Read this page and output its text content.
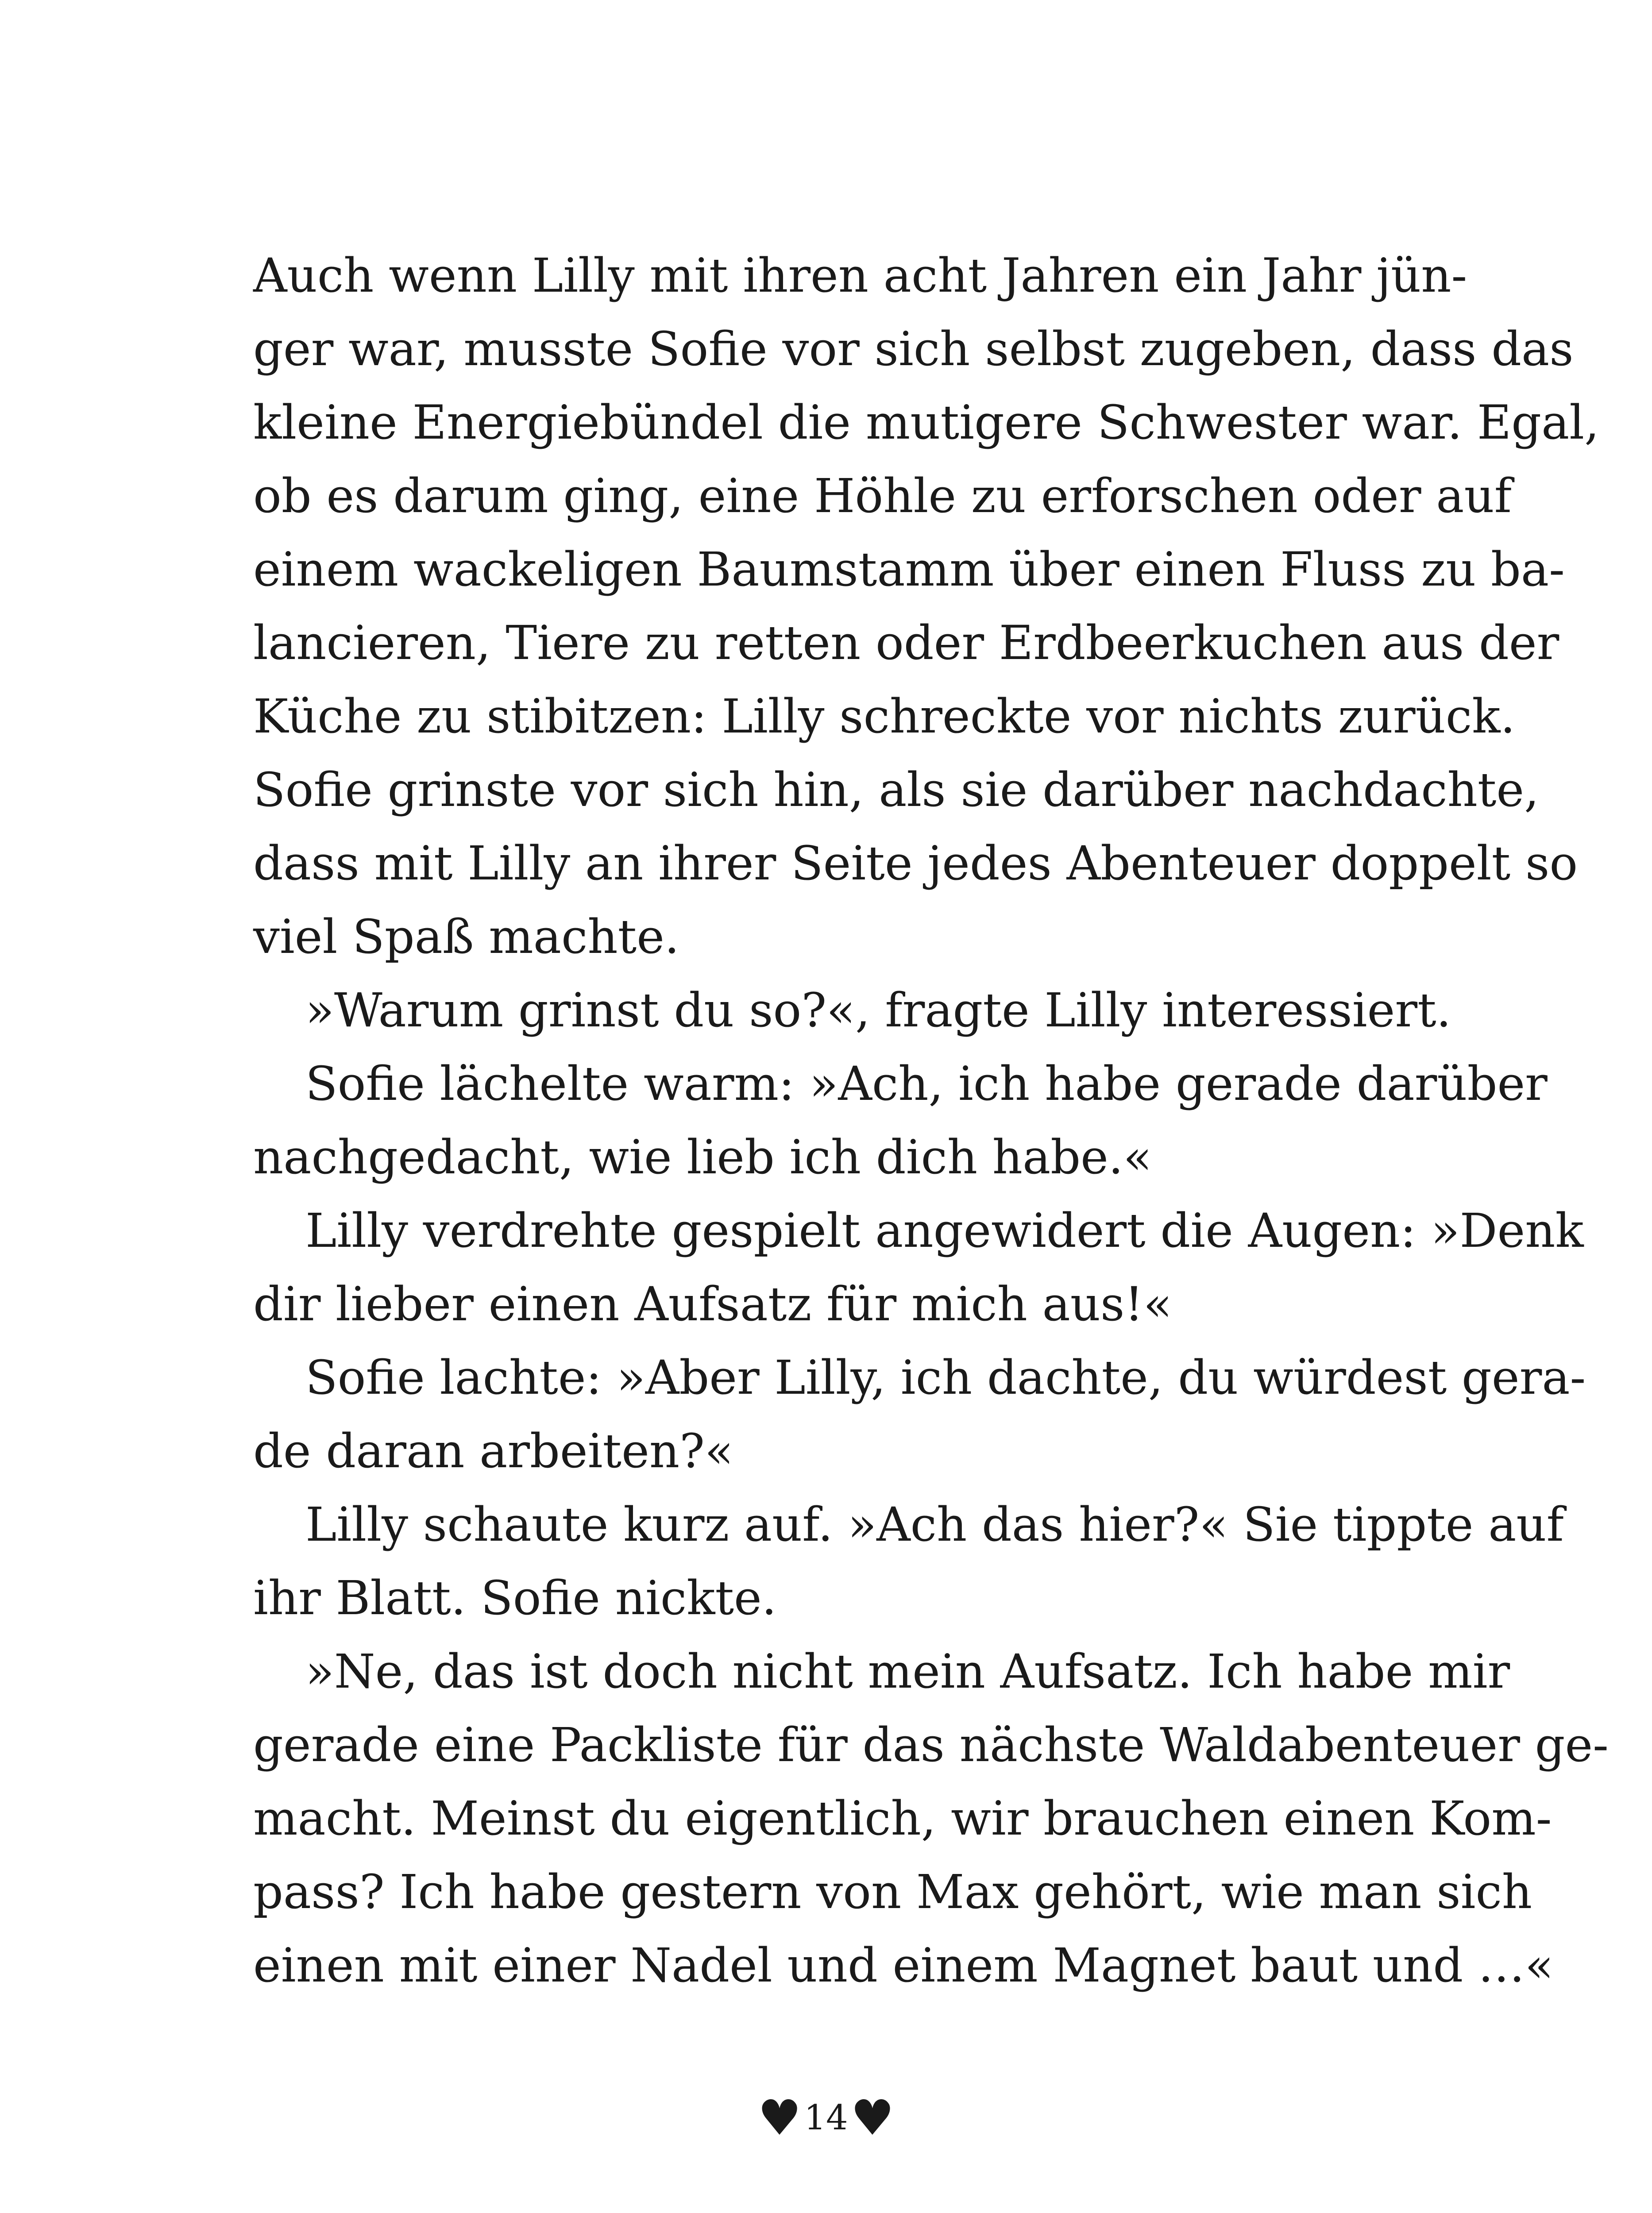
Auch wenn Lilly mit ihren acht Jahren ein Jahr jün-
ger war, musste Sofie vor sich selbst zugeben, dass das
kleine Energiebündel die mutigere Schwester war. Egal,
ob es darum ging, eine Höhle zu erforschen oder auf
einem wackeligen Baumstamm über einen Fluss zu ba-
lancieren, Tiere zu retten oder Erdbeerkuchen aus der
Küche zu stibitzen: Lilly schreckte vor nichts zurück.
Sofie grinste vor sich hin, als sie darüber nachdachte,
dass mit Lilly an ihrer Seite jedes Abenteuer doppelt so
viel Spaß machte.
»Warum grinst du so?«, fragte Lilly interessiert.
Sofie lächelte warm: »Ach, ich habe gerade darüber
nachgedacht, wie lieb ich dich habe.«
Lilly verdrehte gespielt angewidert die Augen: »Denk
dir lieber einen Aufsatz für mich aus!«
Sofie lachte: »Aber Lilly, ich dachte, du würdest gera-
de daran arbeiten?«
Lilly schaute kurz auf. »Ach das hier?« Sie tippte auf
ihr Blatt. Sofie nickte.
»Ne, das ist doch nicht mein Aufsatz. Ich habe mir
gerade eine Packliste für das nächste Waldabenteuer ge-
macht. Meinst du eigentlich, wir brauchen einen Kom-
pass? Ich habe gestern von Max gehört, wie man sich
einen mit einer Nadel und einem Magnet baut und …«
♥14♥
